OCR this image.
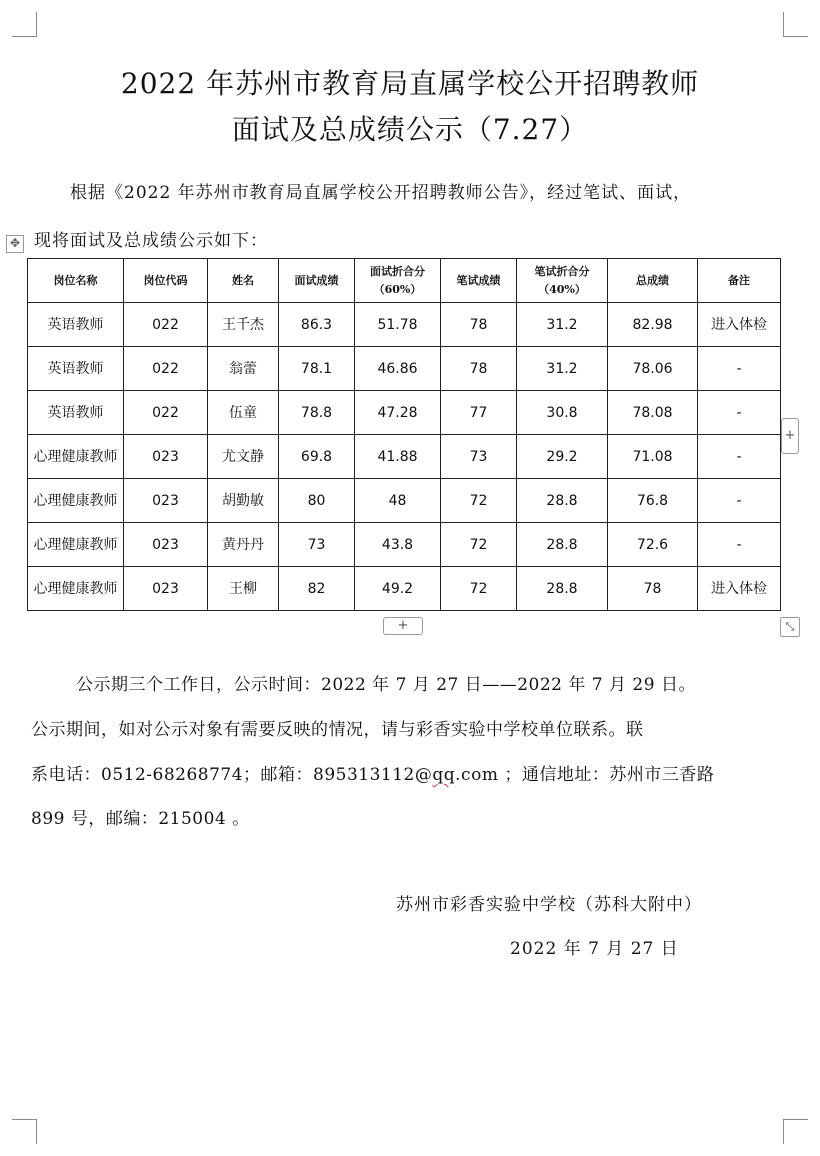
2022 年苏州市教育局直属学校公开招聘教师
面试及总成绩公示（7.27）
根据《2022 年苏州市教育局直属学校公开招聘教师公告》，经过笔试、面试，
现将面试及总成绩公示如下：
✥
岗位名称	岗位代码	姓名	面试成绩	面试折合分（60%）	笔试成绩	笔试折合分（40%）	总成绩	备注
英语教师	022	王千杰	86.3	51.78	78	31.2	82.98	进入体检
英语教师	022	翁蕾	78.1	46.86	78	31.2	78.06	-
英语教师	022	伍童	78.8	47.28	77	30.8	78.08	-
心理健康教师	023	尤文静	69.8	41.88	73	29.2	71.08	-
心理健康教师	023	胡勤敏	80	48	72	28.8	76.8	-
心理健康教师	023	黄丹丹	73	43.8	72	28.8	72.6	-
心理健康教师	023	王柳	82	49.2	72	28.8	78	进入体检
+
+	⤡
公示期三个工作日，公示时间：2022 年 7 月 27 日——2022 年 7 月 29 日。
公示期间，如对公示对象有需要反映的情况，请与彩香实验中学校单位联系。联
系电话：0512-68268774；邮箱：895313112@qq.com ；通信地址：苏州市三香路
899 号，邮编：215004 。
苏州市彩香实验中学校（苏科大附中）
2022 年 7 月 27 日
